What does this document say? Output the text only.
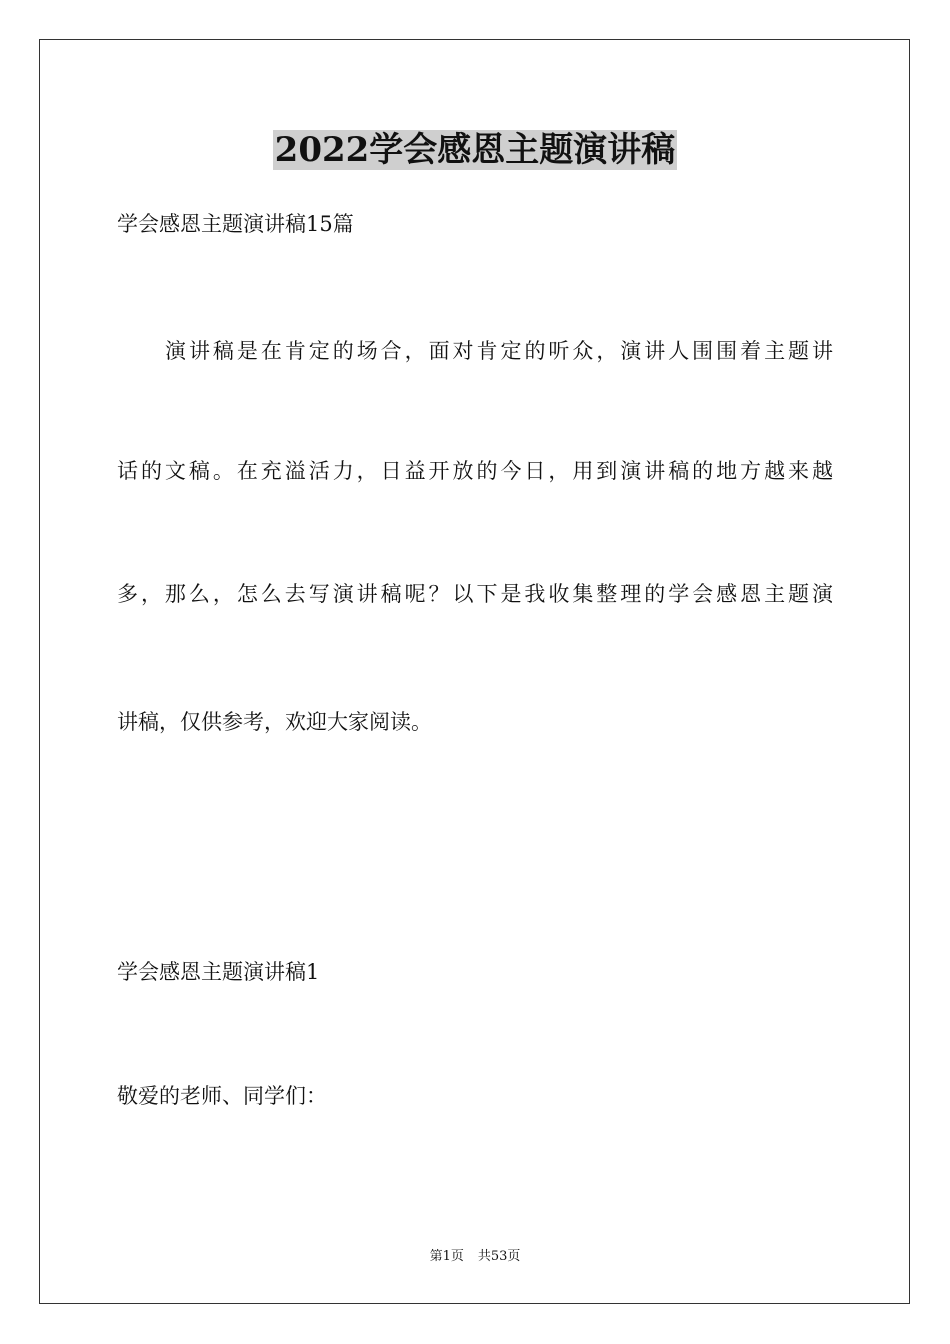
2022学会感恩主题演讲稿
学会感恩主题演讲稿15篇
演讲稿是在肯定的场合，面对肯定的听众，演讲人围围着主题讲
话的文稿。在充溢活力，日益开放的今日，用到演讲稿的地方越来越
多，那么，怎么去写演讲稿呢？以下是我收集整理的学会感恩主题演
讲稿，仅供参考，欢迎大家阅读。
学会感恩主题演讲稿1
敬爱的老师、同学们：
第1页 共53页
